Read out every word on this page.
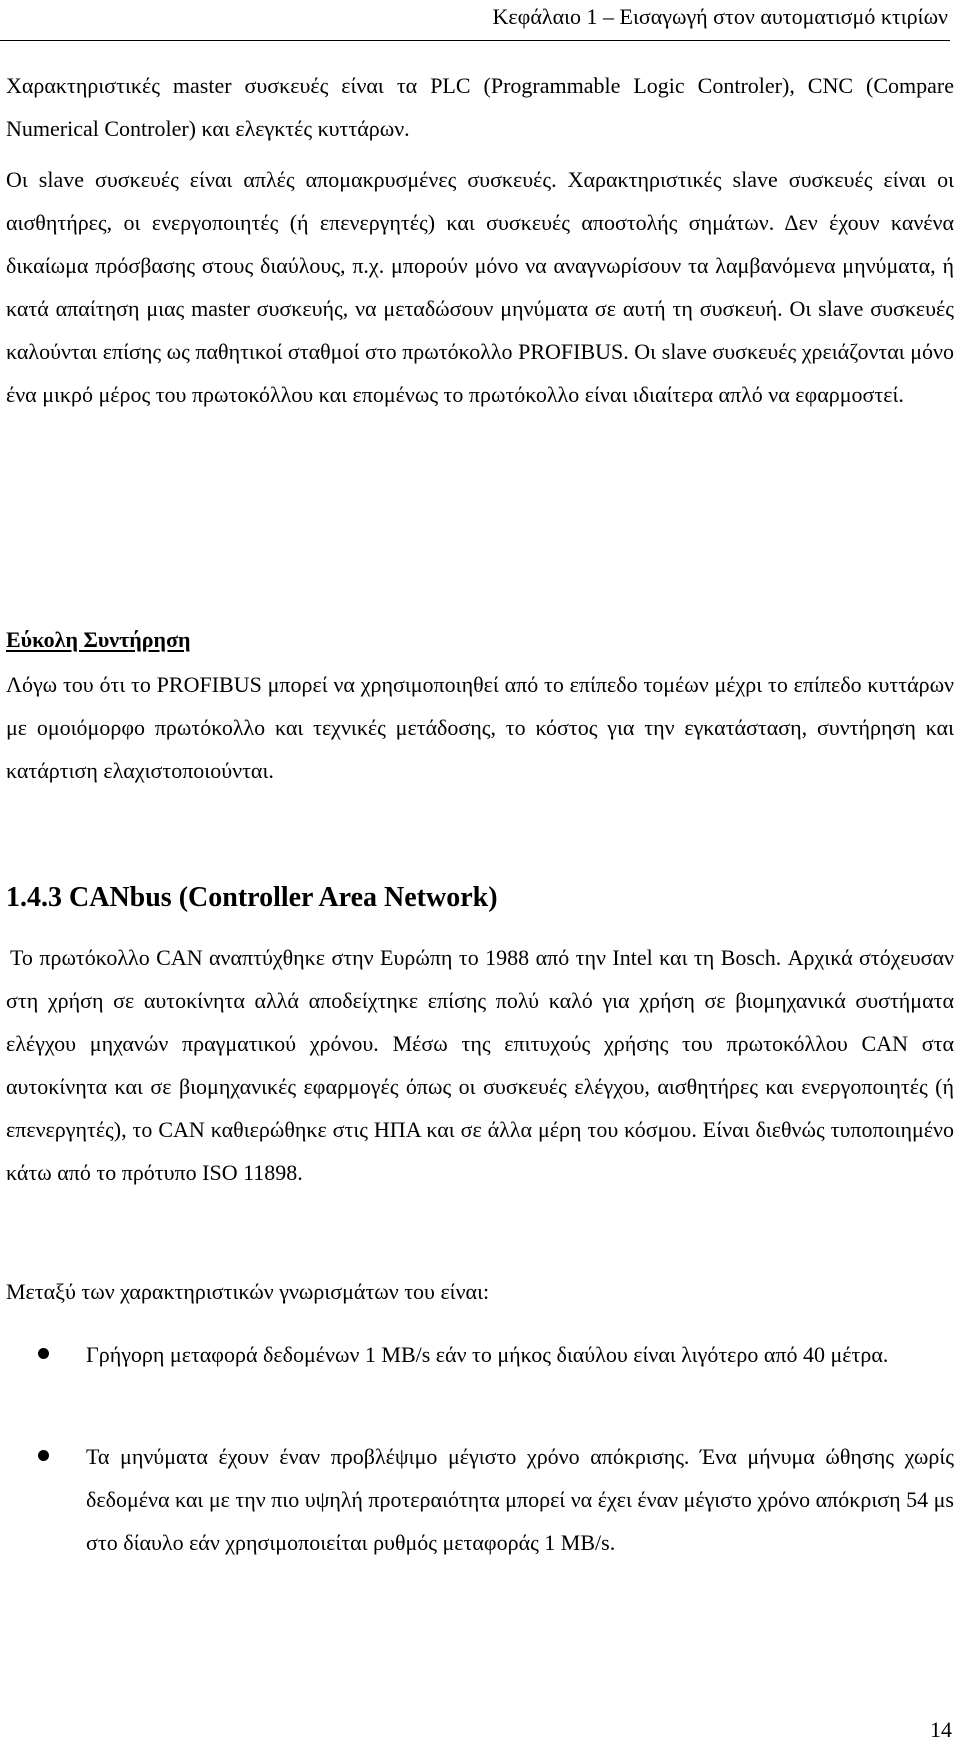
Κεφάλαιο 1 – Εισαγωγή στον αυτοματισμό κτιρίων

Χαρακτηριστικές master συσκευές είναι τα PLC (Programmable Logic Controler), CNC (Compare Numerical Controler) και ελεγκτές κυττάρων.

Οι slave συσκευές είναι απλές απομακρυσμένες συσκευές. Χαρακτηριστικές slave συσκευές είναι οι αισθητήρες, οι ενεργοποιητές (ή επενεργητές) και συσκευές αποστολής σημάτων. Δεν έχουν κανένα δικαίωμα πρόσβασης στους διαύλους, π.χ. μπορούν μόνο να αναγνωρίσουν τα λαμβανόμενα μηνύματα, ή κατά απαίτηση μιας master συσκευής, να μεταδώσουν μηνύματα σε αυτή τη συσκευή. Οι slave συσκευές καλούνται επίσης ως παθητικοί σταθμοί στο πρωτόκολλο PROFIBUS. Οι slave συσκευές χρειάζονται μόνο ένα μικρό μέρος του πρωτοκόλλου και επομένως το πρωτόκολλο είναι ιδιαίτερα απλό να εφαρμοστεί.

Εύκολη Συντήρηση

Λόγω του ότι το PROFIBUS μπορεί να χρησιμοποιηθεί από το επίπεδο τομέων μέχρι το επίπεδο κυττάρων με ομοιόμορφο πρωτόκολλο και τεχνικές μετάδοσης, το κόστος για την εγκατάσταση, συντήρηση και κατάρτιση ελαχιστοποιούνται.

1.4.3 CANbus (Controller Area Network)

Το πρωτόκολλο CAN αναπτύχθηκε στην Ευρώπη το 1988 από την Intel και τη Bosch. Αρχικά στόχευσαν στη χρήση σε αυτοκίνητα αλλά αποδείχτηκε επίσης πολύ καλό για χρήση σε βιομηχανικά συστήματα ελέγχου μηχανών πραγματικού χρόνου. Μέσω της επιτυχούς χρήσης του πρωτοκόλλου CAN στα αυτοκίνητα και σε βιομηχανικές εφαρμογές όπως οι συσκευές ελέγχου, αισθητήρες και ενεργοποιητές (ή επενεργητές), το CAN καθιερώθηκε στις ΗΠΑ και σε άλλα μέρη του κόσμου. Είναι διεθνώς τυποποιημένο κάτω από το πρότυπο ISO 11898.

Μεταξύ των χαρακτηριστικών γνωρισμάτων του είναι:

Γρήγορη μεταφορά δεδομένων 1 MB/s εάν το μήκος διαύλου είναι λιγότερο από 40 μέτρα.
Τα μηνύματα έχουν έναν προβλέψιμο μέγιστο χρόνο απόκρισης. Ένα μήνυμα ώθησης χωρίς δεδομένα και με την πιο υψηλή προτεραιότητα μπορεί να έχει έναν μέγιστο χρόνο απόκριση 54 μs στο δίαυλο εάν χρησιμοποιείται ρυθμός μεταφοράς 1 MB/s.
14
